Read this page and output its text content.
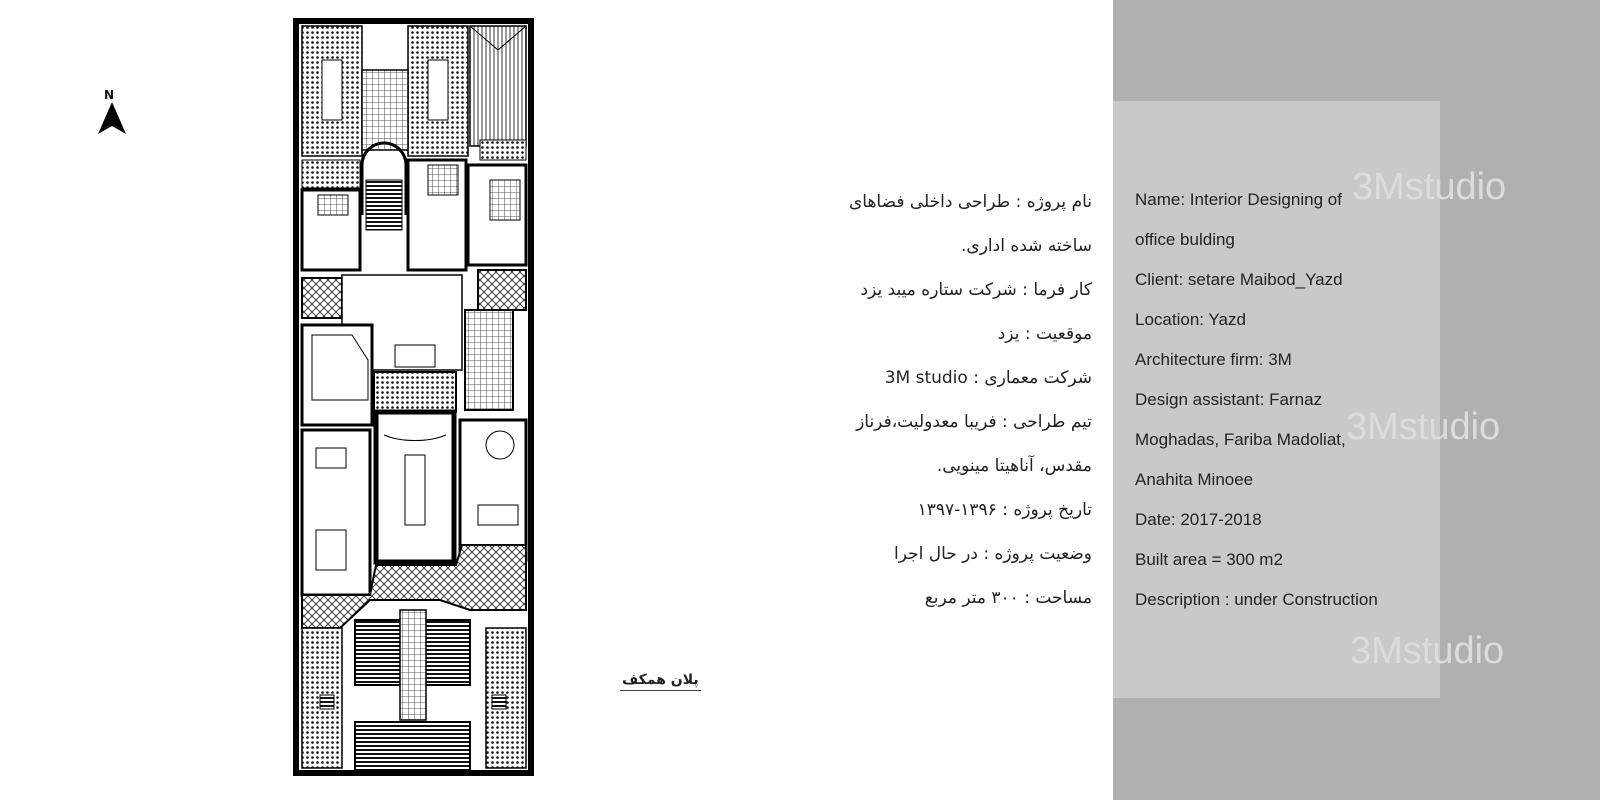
N
پلان همکف
نام پروژه : طراحی داخلی فضاهای
ساخته شده اداری.
کار فرما : شرکت ستاره میبد یزد
موقعیت : یزد
شرکت معماری : 3M studio
تیم طراحی : فریبا معدولیت،فرناز
مقدس، آناهیتا مینویی.
تاریخ پروژه : ۱۳۹۶-۱۳۹۷
وضعیت پروژه : در حال اجرا
مساحت : ۳۰۰ متر مربع
3Mstudio
3Mstudio
3Mstudio
Name: Interior Designing of
office bulding
Client: setare Maibod_Yazd
Location: Yazd
Architecture firm: 3M
Design assistant: Farnaz
Moghadas, Fariba Madoliat,
Anahita Minoee
Date: 2017-2018
Built area = 300 m2
Description : under Construction
